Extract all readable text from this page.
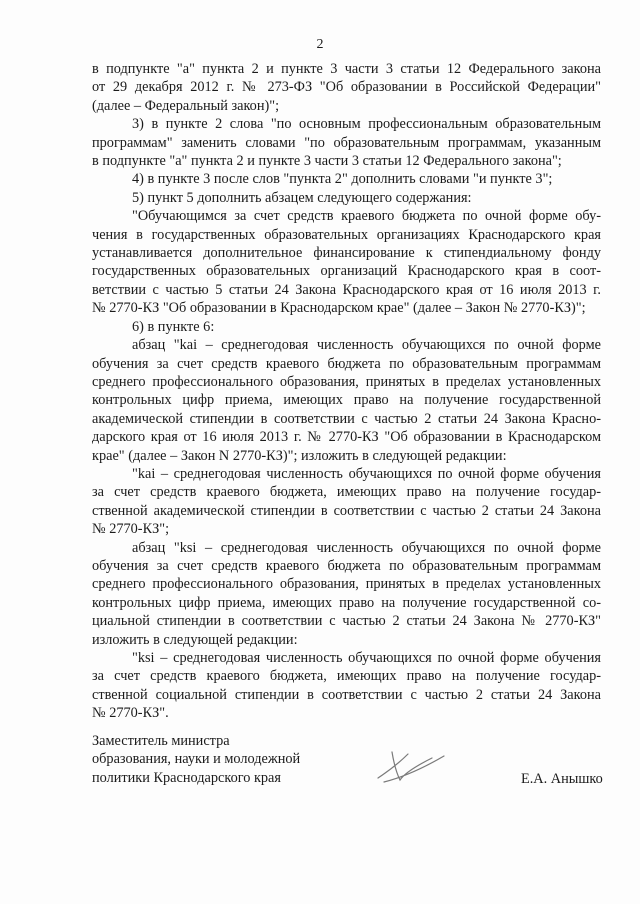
2
в подпункте "а" пункта 2 и пункте 3 части 3 статьи 12 Федерального закона
от 29 декабря 2012 г. № 273-ФЗ "Об образовании в Российской Федерации"
(далее – Федеральный закон)";
3) в пункте 2 слова "по основным профессиональным образовательным
программам" заменить словами "по образовательным программам, указанным
в подпункте "а" пункта 2 и пункте 3 части 3 статьи 12 Федерального закона";
4) в пункте 3 после слов "пункта 2" дополнить словами "и пункте 3";
5) пункт 5 дополнить абзацем следующего содержания:
"Обучающимся за счет средств краевого бюджета по очной форме обу-
чения в государственных образовательных организациях Краснодарского края
устанавливается дополнительное финансирование к стипендиальному фонду
государственных образовательных организаций Краснодарского края в соот-
ветствии с частью 5 статьи 24 Закона Краснодарского края от 16 июля 2013 г.
№ 2770-КЗ "Об образовании в Краснодарском крае" (далее – Закон № 2770-КЗ)";
6) в пункте 6:
абзац "kai – среднегодовая численность обучающихся по очной форме
обучения за счет средств краевого бюджета по образовательным программам
среднего профессионального образования, принятых в пределах установленных
контрольных цифр приема, имеющих право на получение государственной
академической стипендии в соответствии с частью 2 статьи 24 Закона Красно-
дарского края от 16 июля 2013 г. № 2770-КЗ "Об образовании в Краснодарском
крае" (далее – Закон N 2770-КЗ)"; изложить в следующей редакции:
"kai – среднегодовая численность обучающихся по очной форме обучения
за счет средств краевого бюджета, имеющих право на получение государ-
ственной академической стипендии в соответствии с частью 2 статьи 24 Закона
№ 2770-КЗ";
абзац "ksi – среднегодовая численность обучающихся по очной форме
обучения за счет средств краевого бюджета по образовательным программам
среднего профессионального образования, принятых в пределах установленных
контрольных цифр приема, имеющих право на получение государственной со-
циальной стипендии в соответствии с частью 2 статьи 24 Закона № 2770-КЗ"
изложить в следующей редакции:
"ksi – среднегодовая численность обучающихся по очной форме обучения
за счет средств краевого бюджета, имеющих право на получение государ-
ственной социальной стипендии в соответствии с частью 2 статьи 24 Закона
№ 2770-КЗ".
Заместитель министра
образования, науки и молодежной
политики Краснодарского края	Е.А. Анышко
